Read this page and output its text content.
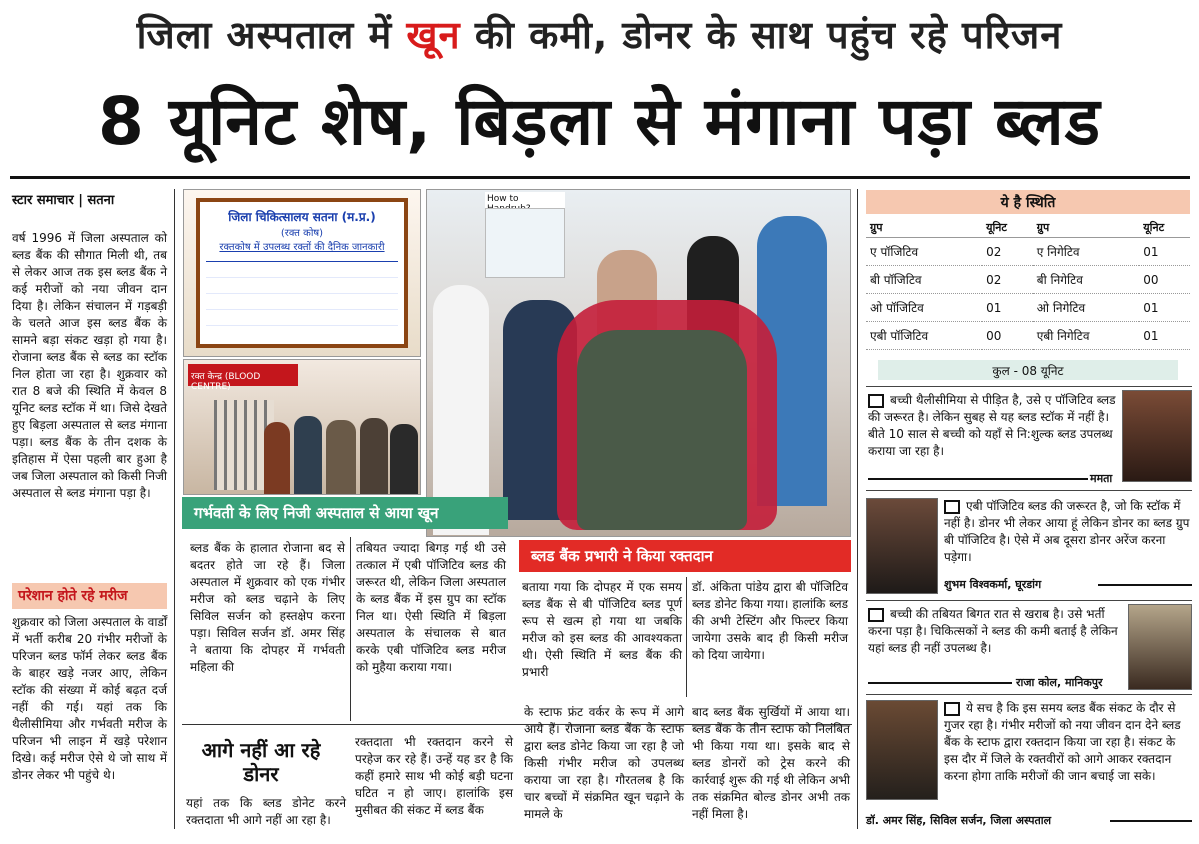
जिला अस्पताल में खून की कमी, डोनर के साथ पहुंच रहे परिजन
8 यूनिट शेष, बिड़ला से मंगाना पड़ा ब्लड
स्टार समाचार | सतना
वर्ष 1996 में जिला अस्पताल को ब्लड बैंक की सौगात मिली थी, तब से लेकर आज तक इस ब्लड बैंक ने कई मरीजों को नया जीवन दान दिया है। लेकिन संचालन में गड़बड़ी के चलते आज इस ब्लड बैंक के सामने बड़ा संकट खड़ा हो गया है। रोजाना ब्लड बैंक से ब्लड का स्टॉक निल होता जा रहा है। शुक्रवार को रात 8 बजे की स्थिति में केवल 8 यूनिट ब्लड स्टॉक में था। जिसे देखते हुए बिड़ला अस्पताल से ब्लड मंगाना पड़ा। ब्लड बैंक के तीन दशक के इतिहास में ऐसा पहली बार हुआ है जब जिला अस्पताल को किसी निजी अस्पताल से ब्लड मंगाना पड़ा है।
परेशान होते रहे मरीज
शुक्रवार को जिला अस्पताल के वार्डों में भर्ती करीब 20 गंभीर मरीजों के परिजन ब्लड फॉर्म लेकर ब्लड बैंक के बाहर खड़े नजर आए, लेकिन स्टॉक की संख्या में कोई बढ़त दर्ज नहीं की गई। यहां तक कि थैलीसीमिया और गर्भवती मरीज के परिजन भी लाइन में खड़े परेशान दिखे। कई मरीज ऐसे थे जो साथ में डोनर लेकर भी पहुंचे थे।
जिला चिकित्सालय सतना (म.प्र.)
(रक्त कोष)
रक्तकोष में उपलब्ध रक्तों की दैनिक जानकारी
रक्त केन्द्र (BLOOD CENTRE)
How to
गर्भवती के लिए निजी अस्पताल से आया खून
ब्लड बैंक के हालात रोजाना बद से बदतर होते जा रहे हैं। जिला अस्पताल में शुक्रवार को एक गंभीर मरीज को ब्लड चढ़ाने के लिए सिविल सर्जन को हस्तक्षेप करना पड़ा। सिविल सर्जन डॉ. अमर सिंह ने बताया कि दोपहर में गर्भवती महिला की
तबियत ज्यादा बिगड़ गई थी उसे तत्काल में एबी पॉजिटिव ब्लड की जरूरत थी, लेकिन जिला अस्पताल के ब्लड बैंक में इस ग्रुप का स्टॉक निल था। ऐसी स्थिति में बिड़ला अस्पताल के संचालक से बात करके एबी पॉजिटिव ब्लड मरीज को मुहैया कराया गया।
ब्लड बैंक प्रभारी ने किया रक्तदान
बताया गया कि दोपहर में एक समय ब्लड बैंक से बी पॉजिटिव ब्लड पूर्ण रूप से खत्म हो गया था जबकि मरीज को इस ब्लड की आवश्यकता थी। ऐसी स्थिति में ब्लड बैंक की प्रभारी
डॉ. अंकिता पांडेय द्वारा बी पॉजिटिव ब्लड डोनेट किया गया। हालांकि ब्लड की अभी टेस्टिंग और फिल्टर किया जायेगा उसके बाद ही किसी मरीज को दिया जायेगा।
आगे नहीं आ रहे डोनर
यहां तक कि ब्लड डोनेट करने रक्तदाता भी आगे नहीं आ रहा है।
रक्तदाता भी रक्तदान करने से परहेज कर रहे हैं। उन्हें यह डर है कि कहीं हमारे साथ भी कोई बड़ी घटना घटित न हो जाए। हालांकि इस मुसीबत की संकट में ब्लड बैंक
के स्टाफ फ्रंट वर्कर के रूप में आगे आये हैं। रोजाना ब्लड बैंक के स्टाफ द्वारा ब्लड डोनेट किया जा रहा है जो किसी गंभीर मरीज को उपलब्ध कराया जा रहा है। गौरतलब है कि चार बच्चों में संक्रमित खून चढ़ाने के मामले के
बाद ब्लड बैंक सुर्खियों में आया था। ब्लड बैंक के तीन स्टाफ को निलंबित भी किया गया था। इसके बाद से ब्लड डोनरों को ट्रेस करने की कार्रवाई शुरू की गई थी लेकिन अभी तक संक्रमित बोल्ड डोनर अभी तक नहीं मिला है।
ये है स्थिति
ग्रुप	यूनिट	ग्रुप	यूनिट
ए पॉजिटिव	02	ए निगेटिव	01
बी पॉजिटिव	02	बी निगेटिव	00
ओ पॉजिटिव	01	ओ निगेटिव	01
एबी पॉजिटिव	00	एबी निगेटिव	01
कुल - 08 यूनिट
बच्ची थैलीसीमिया से पीड़ित है, उसे ए पॉजिटिव ब्लड की जरूरत है। लेकिन सुबह से यह ब्लड स्टॉक में नहीं है। बीते 10 साल से बच्ची को यहाँ से नि:शुल्क ब्लड उपलब्ध कराया जा रहा है।
ममता
एबी पॉजिटिव ब्लड की जरूरत है, जो कि स्टॉक में नहीं है। डोनर भी लेकर आया हूं लेकिन डोनर का ब्लड ग्रुप बी पॉजिटिव है। ऐसे में अब दूसरा डोनर अरेंज करना पड़ेगा।
शुभम विश्वकर्मा, घूरडांग
बच्ची की तबियत बिगत रात से खराब है। उसे भर्ती करना पड़ा है। चिकित्सकों ने ब्लड की कमी बताई है लेकिन यहां ब्लड ही नहीं उपलब्ध है।
राजा कोल, मानिकपुर
ये सच है कि इस समय ब्लड बैंक संकट के दौर से गुजर रहा है। गंभीर मरीजों को नया जीवन दान देने ब्लड बैंक के स्टाफ द्वारा रक्तदान किया जा रहा है। संकट के इस दौर में जिले के रक्तवीरों को आगे आकर रक्तदान करना होगा ताकि मरीजों की जान बचाई जा सके।
डॉ. अमर सिंह, सिविल सर्जन, जिला अस्पताल
